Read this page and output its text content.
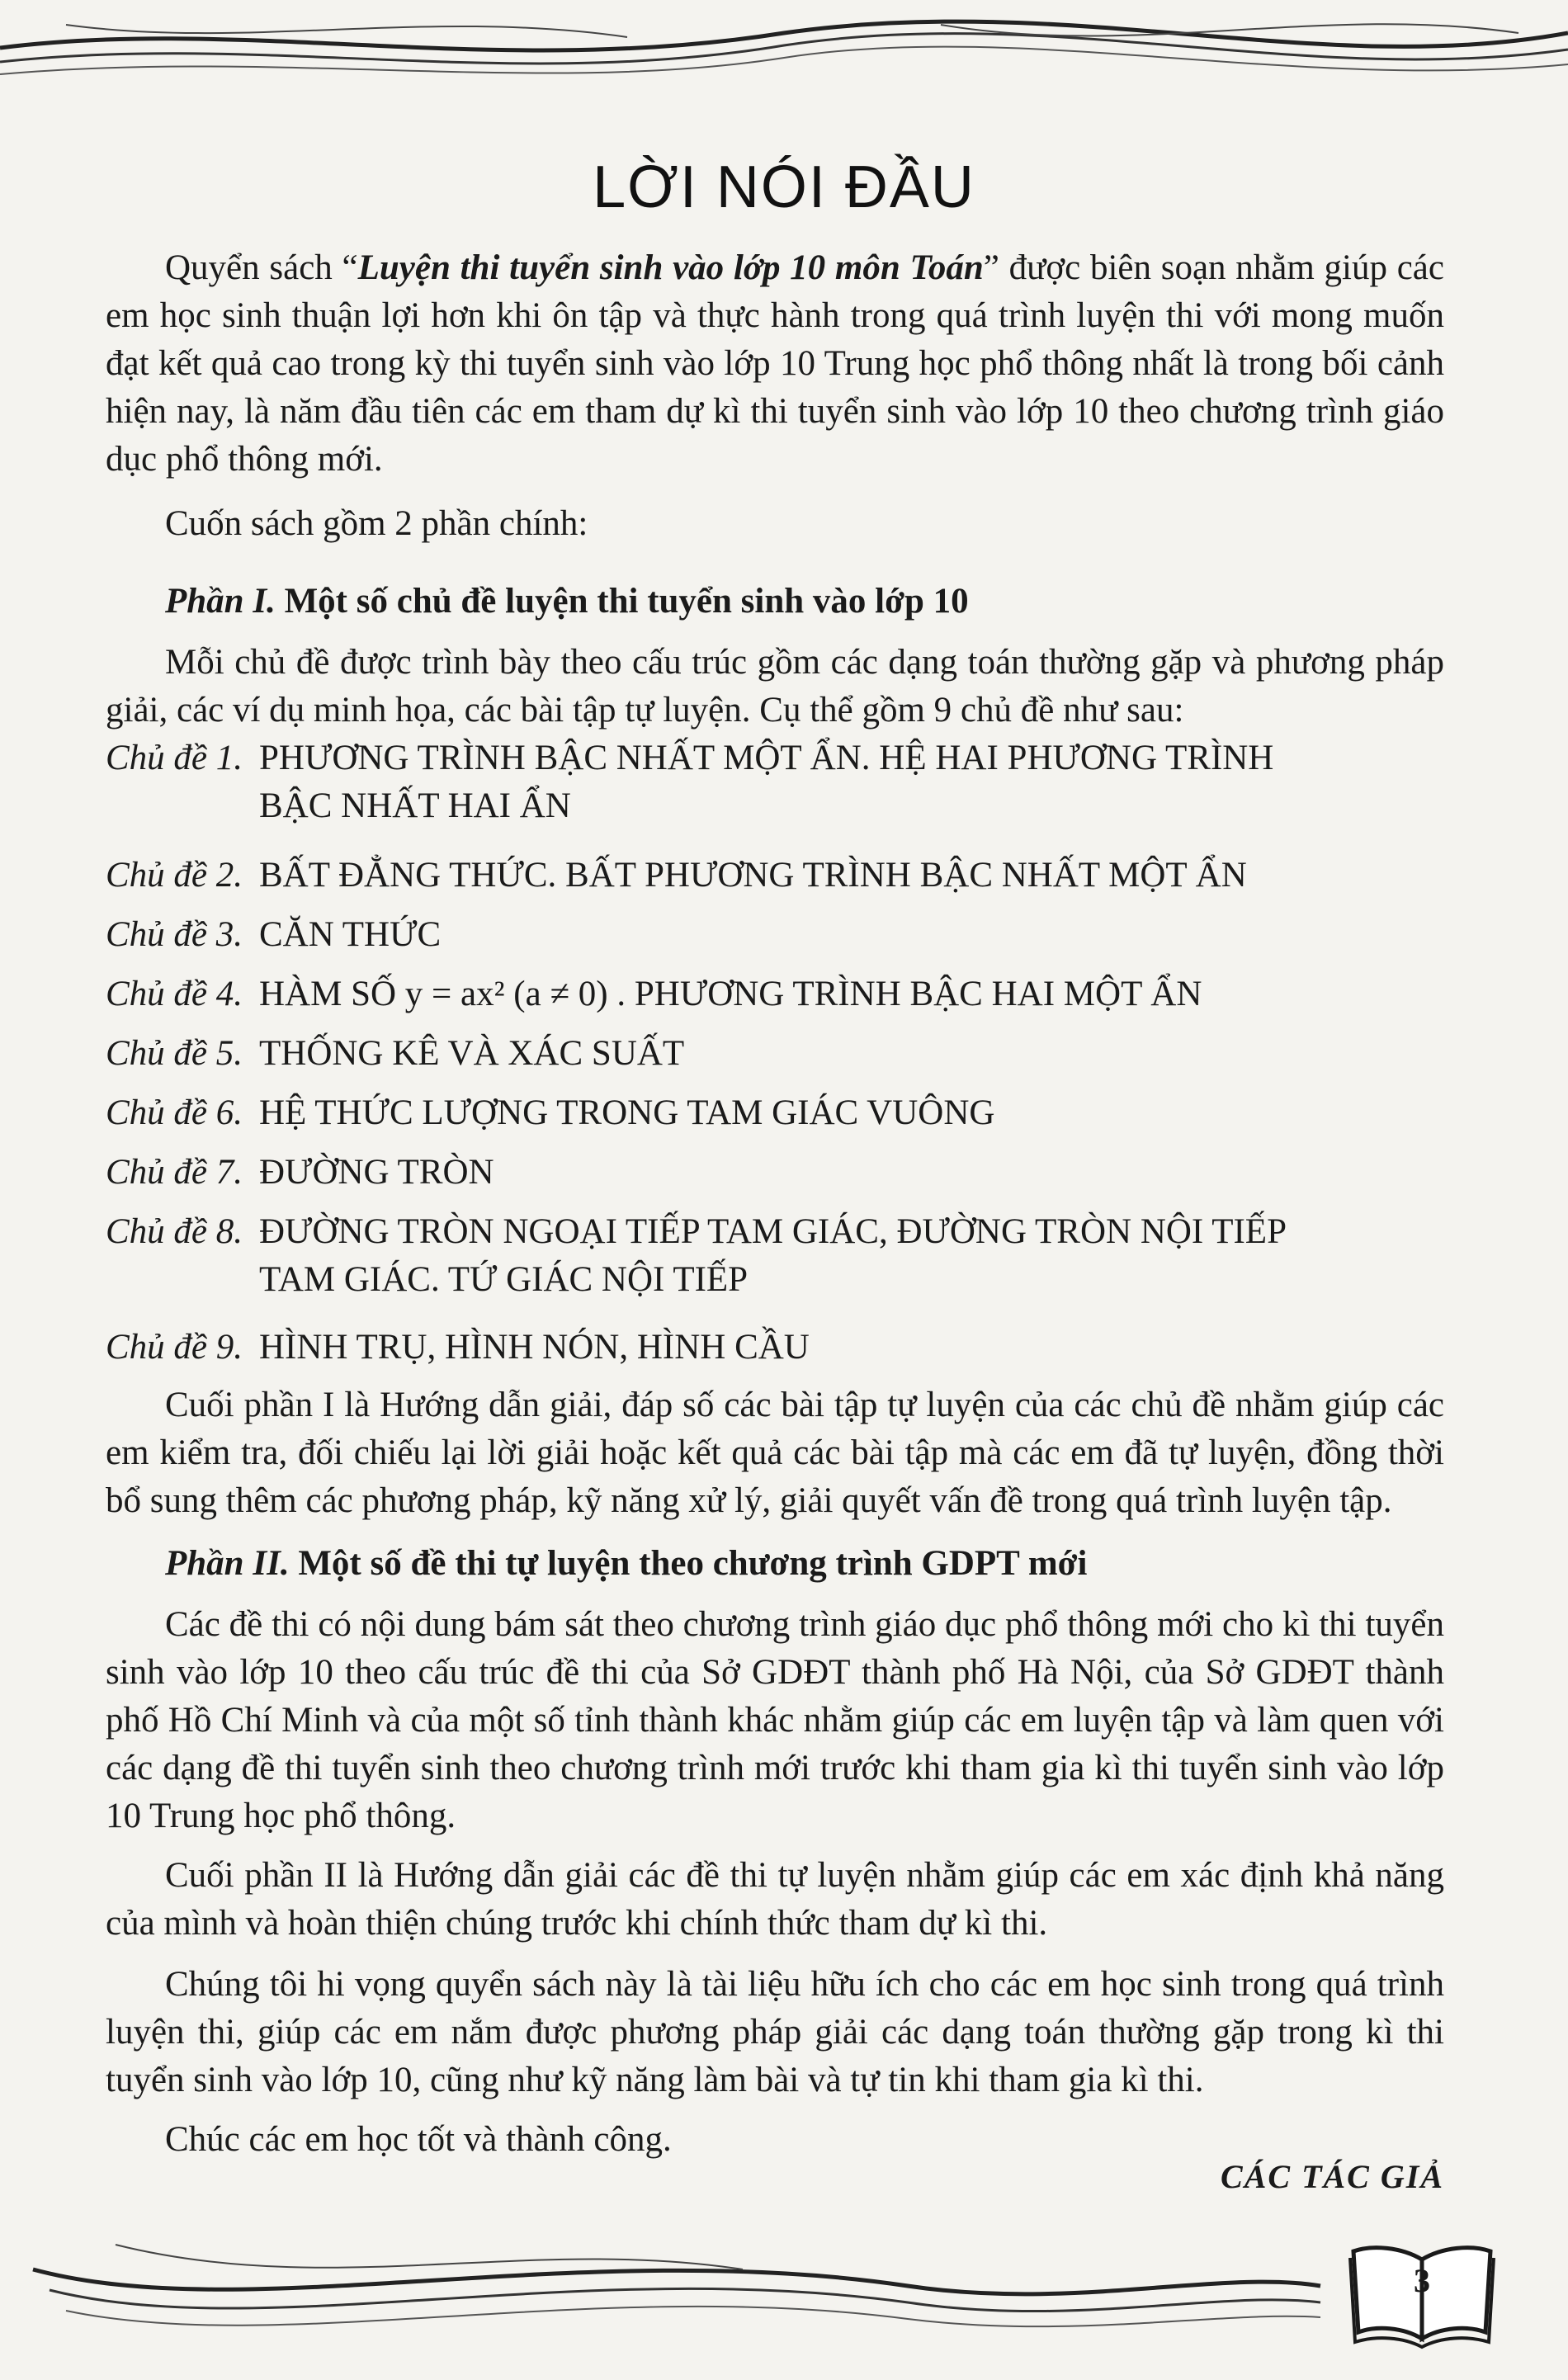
LỜI NÓI ĐẦU

Quyển sách “Luyện thi tuyển sinh vào lớp 10 môn Toán” được biên soạn nhằm giúp các em học sinh thuận lợi hơn khi ôn tập và thực hành trong quá trình luyện thi với mong muốn đạt kết quả cao trong kỳ thi tuyển sinh vào lớp 10 Trung học phổ thông nhất là trong bối cảnh hiện nay, là năm đầu tiên các em tham dự kì thi tuyển sinh vào lớp 10 theo chương trình giáo dục phổ thông mới.

Cuốn sách gồm 2 phần chính:

Phần I. Một số chủ đề luyện thi tuyển sinh vào lớp 10

Mỗi chủ đề được trình bày theo cấu trúc gồm các dạng toán thường gặp và phương pháp giải, các ví dụ minh họa, các bài tập tự luyện. Cụ thể gồm 9 chủ đề như sau:

Chủ đề 1. PHƯƠNG TRÌNH BẬC NHẤT MỘT ẨN. HỆ HAI PHƯƠNG TRÌNH
BẬC NHẤT HAI ẨN
Chủ đề 2. BẤT ĐẲNG THỨC. BẤT PHƯƠNG TRÌNH BẬC NHẤT MỘT ẨN
Chủ đề 3. CĂN THỨC
Chủ đề 4. HÀM SỐ y = ax² (a ≠ 0) . PHƯƠNG TRÌNH BẬC HAI MỘT ẨN
Chủ đề 5. THỐNG KÊ VÀ XÁC SUẤT
Chủ đề 6. HỆ THỨC LƯỢNG TRONG TAM GIÁC VUÔNG
Chủ đề 7. ĐƯỜNG TRÒN
Chủ đề 8. ĐƯỜNG TRÒN NGOẠI TIẾP TAM GIÁC, ĐƯỜNG TRÒN NỘI TIẾP
TAM GIÁC. TỨ GIÁC NỘI TIẾP
Chủ đề 9. HÌNH TRỤ, HÌNH NÓN, HÌNH CẦU

Cuối phần I là Hướng dẫn giải, đáp số các bài tập tự luyện của các chủ đề nhằm giúp các em kiểm tra, đối chiếu lại lời giải hoặc kết quả các bài tập mà các em đã tự luyện, đồng thời bổ sung thêm các phương pháp, kỹ năng xử lý, giải quyết vấn đề trong quá trình luyện tập.

Phần II. Một số đề thi tự luyện theo chương trình GDPT mới

Các đề thi có nội dung bám sát theo chương trình giáo dục phổ thông mới cho kì thi tuyển sinh vào lớp 10 theo cấu trúc đề thi của Sở GDĐT thành phố Hà Nội, của Sở GDĐT thành phố Hồ Chí Minh và của một số tỉnh thành khác nhằm giúp các em luyện tập và làm quen với các dạng đề thi tuyển sinh theo chương trình mới trước khi tham gia kì thi tuyển sinh vào lớp 10 Trung học phổ thông.

Cuối phần II là Hướng dẫn giải các đề thi tự luyện nhằm giúp các em xác định khả năng của mình và hoàn thiện chúng trước khi chính thức tham dự kì thi.

Chúng tôi hi vọng quyển sách này là tài liệu hữu ích cho các em học sinh trong quá trình luyện thi, giúp các em nắm được phương pháp giải các dạng toán thường gặp trong kì thi tuyển sinh vào lớp 10, cũng như kỹ năng làm bài và tự tin khi tham gia kì thi.

Chúc các em học tốt và thành công.

CÁC TÁC GIẢ
3
